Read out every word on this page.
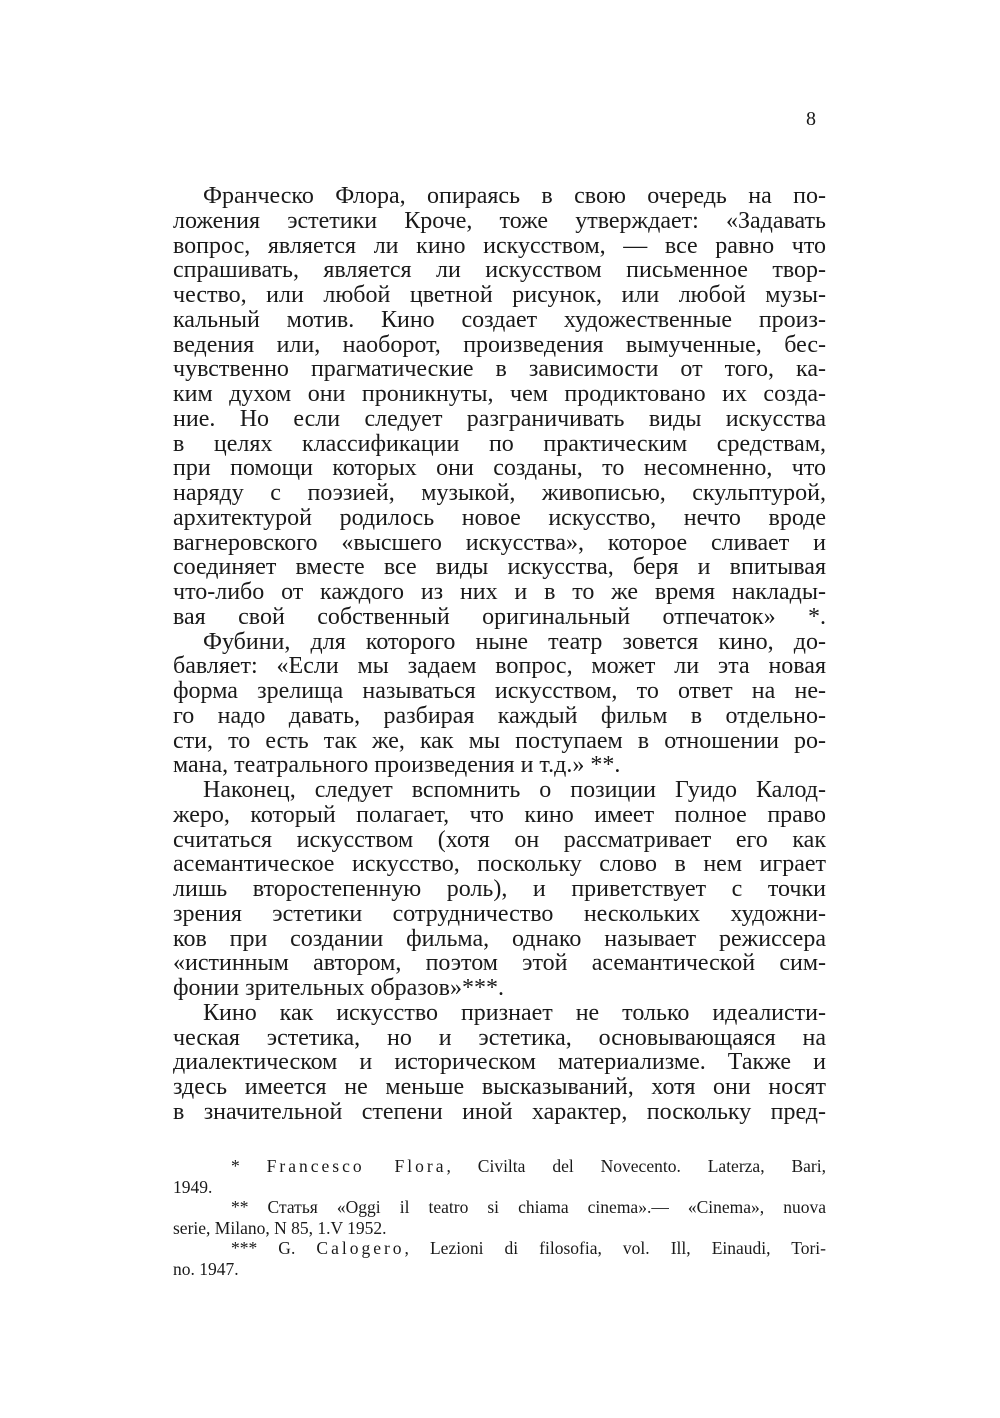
8
Франческо Флора, опираясь в свою очередь на по-
ложения эстетики Кроче, тоже утверждает: «Задавать
вопрос, является ли кино искусством, — все равно что
спрашивать, является ли искусством письменное твор-
чество, или любой цветной рисунок, или любой музы-
кальный мотив. Кино создает художественные произ-
ведения или, наоборот, произведения вымученные, бес-
чувственно прагматические в зависимости от того, ка-
ким духом они проникнуты, чем продиктовано их созда-
ние. Но если следует разграничивать виды искусства
в целях классификации по практическим средствам,
при помощи которых они созданы, то несомненно, что
наряду с поэзией, музыкой, живописью, скульптурой,
архитектурой родилось новое искусство, нечто вроде
вагнеровского «высшего искусства», которое сливает и
соединяет вместе все виды искусства, беря и впитывая
что-либо от каждого из них и в то же время наклады-
вая свой собственный оригинальный отпечаток» *.
Фубини, для которого ныне театр зовется кино, до-
бавляет: «Если мы задаем вопрос, может ли эта новая
форма зрелища называться искусством, то ответ на не-
го надо давать, разбирая каждый фильм в отдельно-
сти, то есть так же, как мы поступаем в отношении ро-
мана, театрального произведения и т.д.» **.
Наконец, следует вспомнить о позиции Гуидо Калод-
жеро, который полагает, что кино имеет полное право
считаться искусством (хотя он рассматривает его как
асемантическое искусство, поскольку слово в нем играет
лишь второстепенную роль), и приветствует с точки
зрения эстетики сотрудничество нескольких художни-
ков при создании фильма, однако называет режиссера
«истинным автором, поэтом этой асемантической сим-
фонии зрительных образов»***.
Кино как искусство признает не только идеалисти-
ческая эстетика, но и эстетика, основывающаяся на
диалектическом и историческом материализме. Также и
здесь имеется не меньше высказываний, хотя они носят
в значительной степени иной характер, поскольку пред-
* Francesco Flora, Civilta del Novecento. Laterza, Bari,
1949.
** Статья «Oggi il teatro si chiama cinema».— «Cinema», nuova
serie, Milano, N 85, 1.V 1952.
*** G. Calogero, Lezioni di filosofia, vol. Ill, Einaudi, Tori-
no. 1947.
